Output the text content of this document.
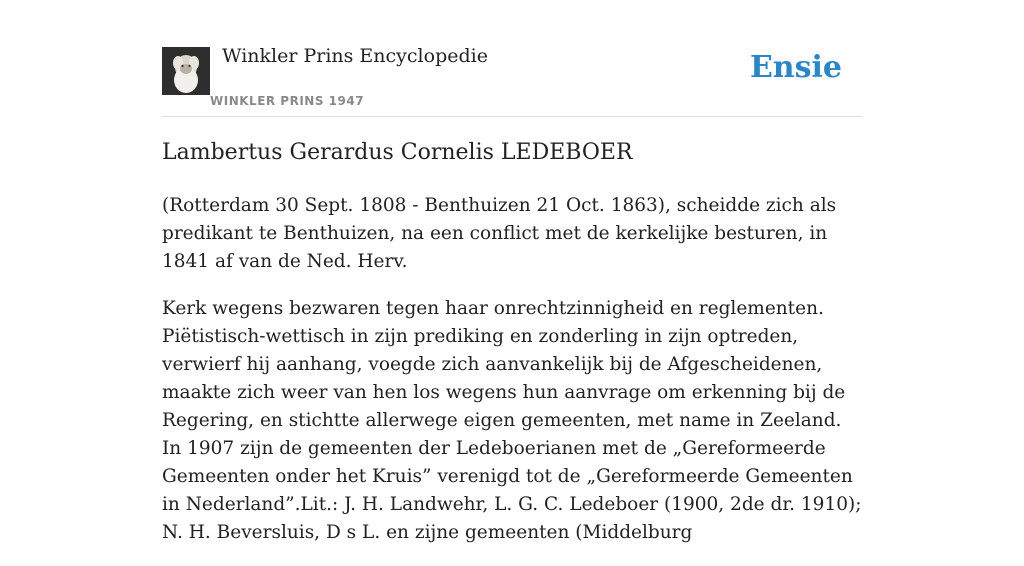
Winkler Prins Encyclopedie
WINKLER PRINS 1947
Ensie
Lambertus Gerardus Cornelis LEDEBOER

(Rotterdam 30 Sept. 1808 - Benthuizen 21 Oct. 1863), scheidde zich als predikant te Benthuizen, na een conflict met de kerkelijke besturen, in 1841 af van de Ned. Herv.

Kerk wegens bezwaren tegen haar onrechtzinnigheid en reglementen. Piëtistisch-wettisch in zijn prediking en zonderling in zijn optreden, verwierf hij aanhang, voegde zich aanvankelijk bij de Afgescheidenen, maakte zich weer van hen los wegens hun aanvrage om erkenning bij de Regering, en stichtte allerwege eigen gemeenten, met name in Zeeland. In 1907 zijn de gemeenten der Ledeboerianen met de „Gereformeerde Gemeenten onder het Kruis” verenigd tot de „Gereformeerde Gemeenten in Nederland”.Lit.: J. H. Landwehr, L. G. C. Ledeboer (1900, 2de dr. 1910); N. H. Beversluis, D s L. en zijne gemeenten (Middelburg
